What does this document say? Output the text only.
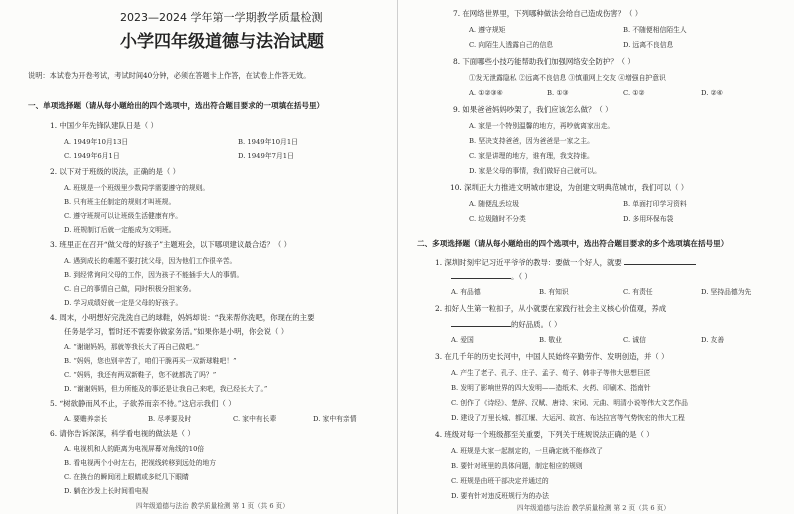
2023—2024 学年第一学期教学质量检测
小学四年级道德与法治试题
说明：本试卷为开卷考试，考试时间40分钟，必须在答题卡上作答，在试卷上作答无效。
一、单项选择题（请从每小题给出的四个选项中，选出符合题目要求的一项填在括号里）
1. 中国少年先锋队建队日是（ ）
A. 1949年10月13日	B. 1949年10月1日
C. 1949年6月1日	D. 1949年7月1日
2. 以下对于班级的说法，正确的是（ ）
A. 班规是一个班级里少数同学需要遵守的规则。
B. 只有班主任制定的规则才叫班规。
C. 遵守班规可以让班级生活健康有序。
D. 班规制订后就一定能成为文明班。
3. 班里正在召开“做父母的好孩子”主题班会，以下哪项建议最合适？（ ）
A. 遇到成长的难题不要打扰父母，因为他们工作很辛苦。
B. 到经常询问父母的工作，因为孩子不能插手大人的事情。
C. 自己的事情自己做，同时积极分担家务。
D. 学习成绩好就一定是父母的好孩子。
4. 周末，小明想好完洗洗自己的球鞋，妈妈却说：“我来帮你洗吧，你现在的主要
任务是学习，暂时还不需要你做家务活。”如果你是小明，你会说（ ）
A. “谢谢妈妈，那就等我长大了再自己做吧。”
B. “妈妈，您也别辛苦了，咱们干脆再买一双新球鞋吧！”
C. “妈妈，我还有两双新鞋子，您不就都洗了吗？”
D. “谢谢妈妈，但力所能及的事还是让我自己来吧，我已经长大了。”
5. “树欲静而风不止，子欲养而亲不待。”这启示我们（ ）
A. 要赡养亲长	B. 尽孝要及时	C. 家中有长辈	D. 家中有亲情
6. 请你告诉深深，科学看电视的做法是（ ）
A. 电视机和人的距离为电视屏幕对角线的10倍
B. 看电视两个小时左右，把视线转移到远处的地方
C. 在换台的瞬间闭上眼睛或多眨几下眼睛
D. 躺在沙发上长时间看电视
四年级道德与法治 教学质量检测 第 1 页（共 6 页）
7. 在网络世界里，下列哪种做法会给自己造成伤害？（ ）
A. 遵守规矩	B. 不随便相信陌生人
C. 向陌生人透露自己的信息	D. 远离不良信息
8. 下面哪些小技巧能帮助我们加强网络安全防护？（ ）
①发无泄露隐私 ②远离不良信息 ③慎重网上交友 ④增强自护意识
A. ①②③④	B. ①③	C. ①②	D. ②④
9. 如果爸爸妈妈吵架了，我们应该怎么做？（ ）
A. 家是一个特别温馨的地方，再吵就离家出走。
B. 坚决支持爸爸，因为爸爸是一家之主。
C. 家是讲理的地方，谁有理，我支持谁。
D. 家是父母的事情，我们做好自己就可以。
10. 深圳正大力推进文明城市建设，为创建文明典范城市，我们可以（ ）
A. 随便乱丢垃圾	B. 单面打印学习资料
C. 垃圾随时不分类	D. 多用环保布袋
二、多项选择题（请从每小题给出的四个选项中，选出符合题目要求的多个选项填在括号里）
1. 深圳时刻牢记习近平爷爷的教导：要做一个好人，就要
。（ ）
A. 有品德	B. 有知识	C. 有责任	D. 坚持品德为先
2. 扣好人生第一粒扣子，从小就要在家践行社会主义核心价值观，养成
的好品质。（ ）
A. 爱国	B. 敬业	C. 诚信	D. 友善
3. 在几千年的历史长河中，中国人民始终辛勤劳作、发明创造，并（ ）
A. 产生了老子、孔子、庄子、孟子、荀子、韩非子等伟大思想巨匠
B. 发明了影响世界的四大发明——造纸术、火药、印刷术、指南针
C. 创作了《诗经》、楚辞、汉赋、唐诗、宋词、元曲、明清小说等伟大文艺作品
D. 建设了万里长城、都江堰、大运河、故宫、布达拉宫等气势恢宏的伟大工程
4. 班级对每一个班级都至关重要，下列关于班规说法正确的是（ ）
A. 班规是大家一起制定的，一旦确定就不能修改了
B. 要针对班里的具体问题，制定相应的规则
C. 班规是由班干部决定并通过的
D. 要有针对违反班规行为的办法
四年级道德与法治 教学质量检测 第 2 页（共 6 页）
